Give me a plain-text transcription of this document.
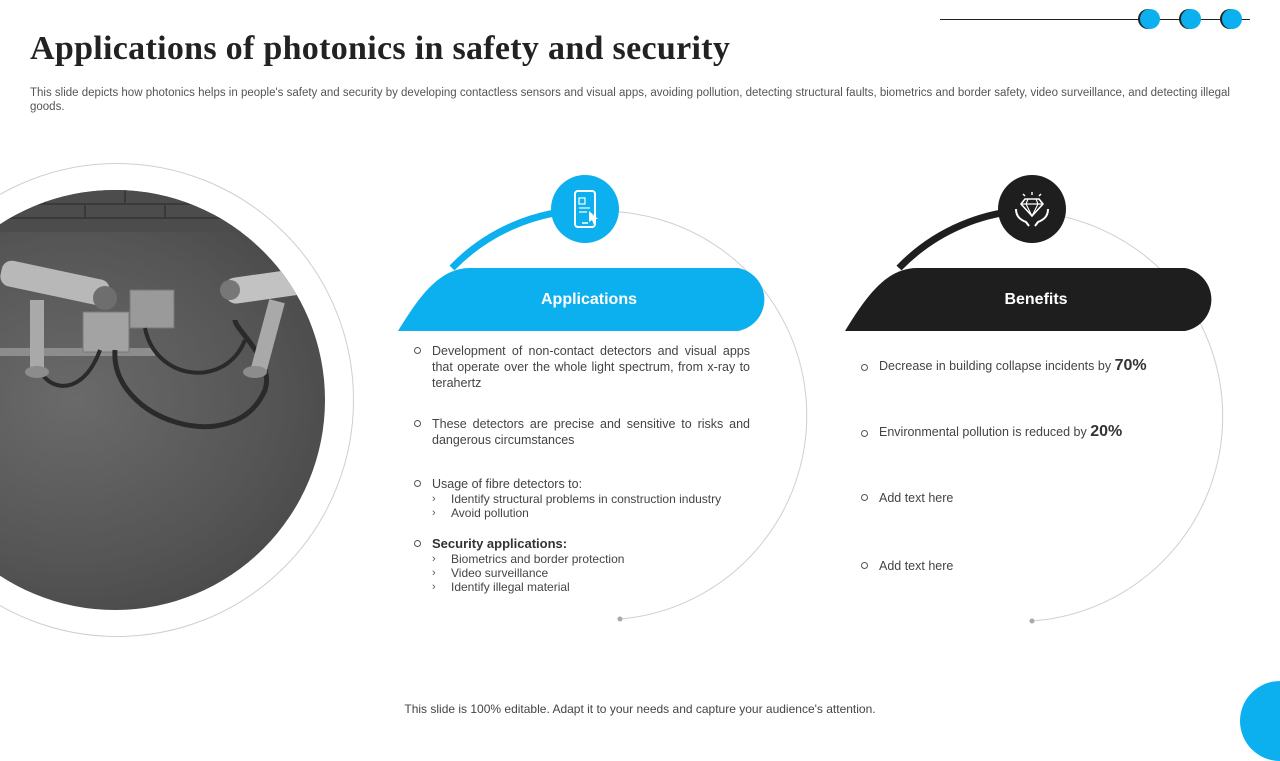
Applications of photonics in safety and security
This slide depicts how photonics helps in people's safety and security by developing contactless sensors and visual apps, avoiding pollution, detecting structural faults, biometrics and border safety, video surveillance, and detecting illegal goods.
Applications
Development of non-contact detectors and visual apps that operate over the whole light spectrum, from x-ray to terahertz
These detectors are precise and sensitive to risks and dangerous circumstances
Usage of fibre detectors to:
› Identify structural problems in construction industry
› Avoid pollution
Security applications:
› Biometrics and border protection
› Video surveillance
› Identify illegal material
Benefits
Decrease in building collapse incidents by 70%
Environmental pollution is reduced by 20%
Add text here
Add text here
This slide is 100% editable. Adapt it to your needs and capture your audience's attention.
